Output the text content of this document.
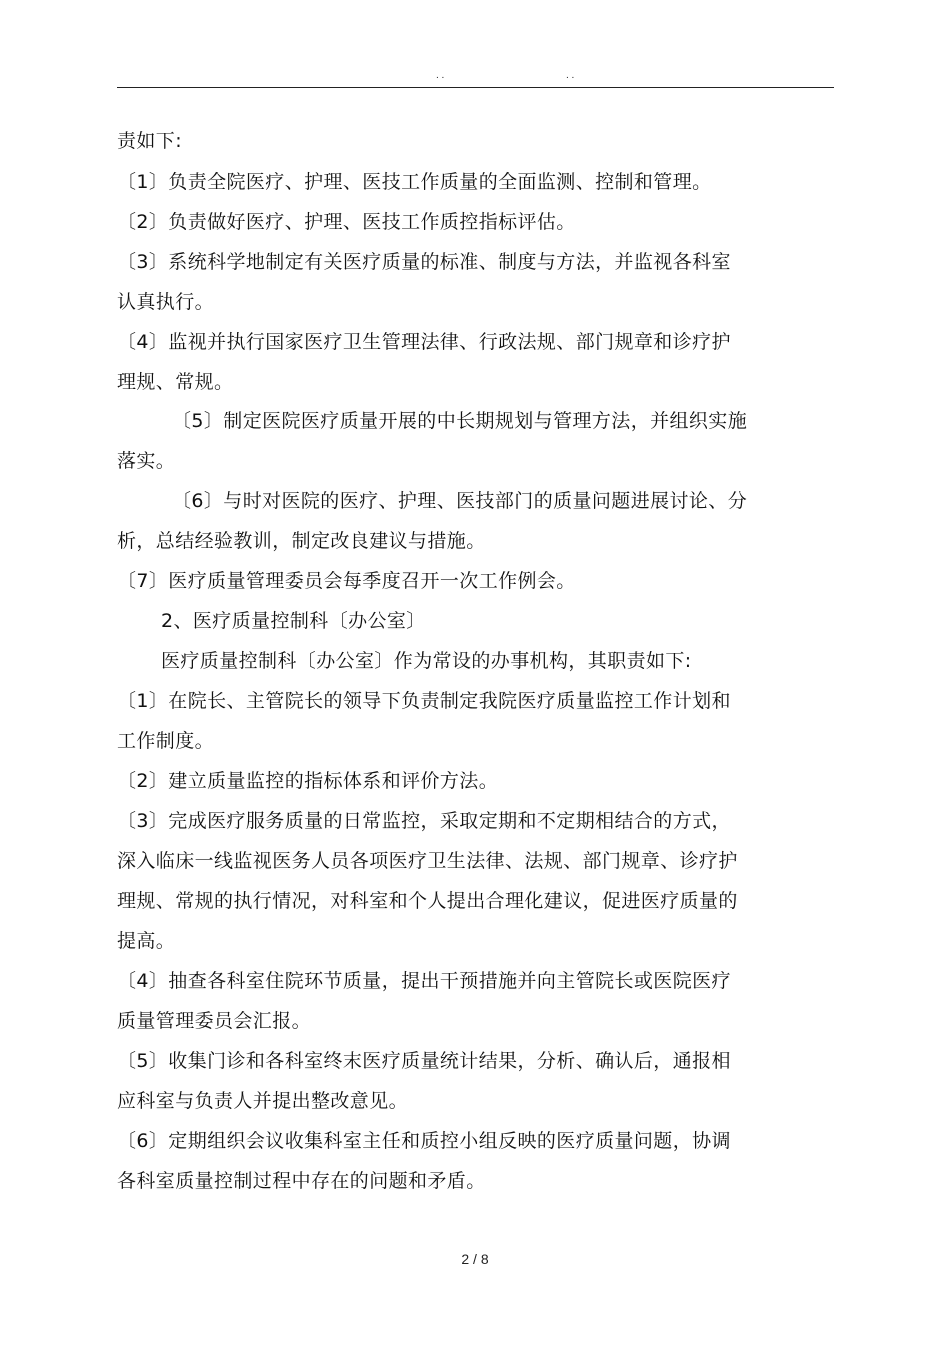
. .	. .
责如下:
〔1〕负责全院医疗、护理、医技工作质量的全面监测、控制和管理。
〔2〕负责做好医疗、护理、医技工作质控指标评估。
〔3〕系统科学地制定有关医疗质量的标准、制度与方法，并监视各科室
认真执行。
〔4〕监视并执行国家医疗卫生管理法律、行政法规、部门规章和诊疗护
理规、常规。
〔5〕制定医院医疗质量开展的中长期规划与管理方法，并组织实施
落实。
〔6〕与时对医院的医疗、护理、医技部门的质量问题进展讨论、分
析，总结经验教训，制定改良建议与措施。
〔7〕医疗质量管理委员会每季度召开一次工作例会。
2、医疗质量控制科〔办公室〕
医疗质量控制科〔办公室〕作为常设的办事机构，其职责如下:
〔1〕在院长、主管院长的领导下负责制定我院医疗质量监控工作计划和
工作制度。
〔2〕建立质量监控的指标体系和评价方法。
〔3〕完成医疗服务质量的日常监控，采取定期和不定期相结合的方式，
深入临床一线监视医务人员各项医疗卫生法律、法规、部门规章、诊疗护
理规、常规的执行情况，对科室和个人提出合理化建议，促进医疗质量的
提高。
〔4〕抽查各科室住院环节质量，提出干预措施并向主管院长或医院医疗
质量管理委员会汇报。
〔5〕收集门诊和各科室终末医疗质量统计结果，分析、确认后，通报相
应科室与负责人并提出整改意见。
〔6〕定期组织会议收集科室主任和质控小组反映的医疗质量问题，协调
各科室质量控制过程中存在的问题和矛盾。
2 / 8
